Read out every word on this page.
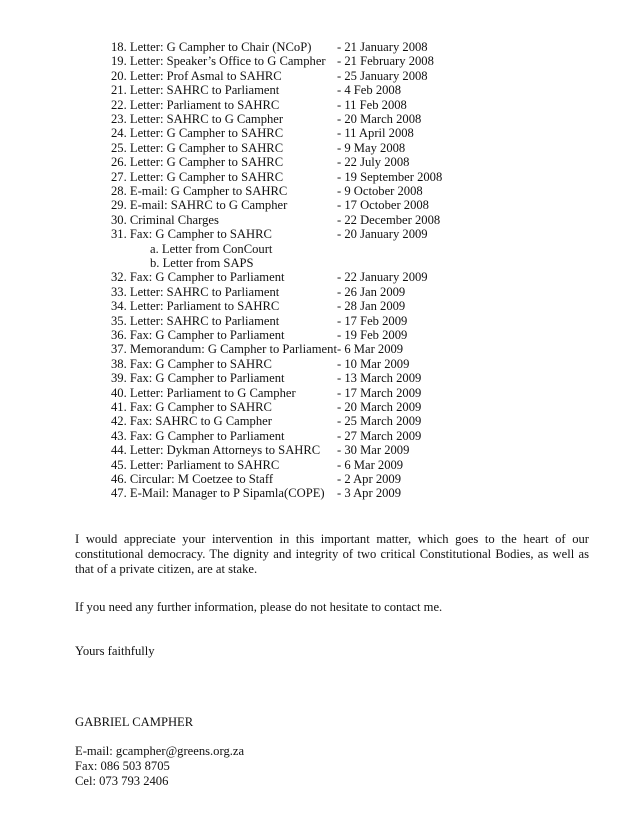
18. Letter: G Campher to Chair (NCoP) - 21 January 2008
19. Letter: Speaker’s Office to G Campher - 21 February 2008
20. Letter: Prof Asmal to SAHRC	- 25 January 2008
21. Letter: SAHRC to Parliament	- 4 Feb 2008
22. Letter: Parliament to SAHRC	- 11 Feb 2008
23. Letter: SAHRC to G Campher	- 20 March 2008
24. Letter: G Campher to SAHRC	- 11 April 2008
25. Letter: G Campher to SAHRC	- 9 May 2008
26. Letter: G Campher to SAHRC	- 22 July 2008
27. Letter: G Campher to SAHRC	- 19 September 2008
28. E-mail: G Campher to SAHRC	- 9 October 2008
29. E-mail: SAHRC to G Campher	- 17 October 2008
30. Criminal Charges	- 22 December 2008
31. Fax: G Campher to SAHRC	- 20 January 2009
a. Letter from ConCourt
b. Letter from SAPS
32. Fax: G Campher to Parliament	- 22 January 2009
33. Letter: SAHRC to Parliament	- 26 Jan 2009
34. Letter: Parliament to SAHRC	- 28 Jan 2009
35. Letter: SAHRC to Parliament	- 17 Feb 2009
36. Fax: G Campher to Parliament	- 19 Feb 2009
37. Memorandum: G Campher to Parliament - 6 Mar 2009
38. Fax: G Campher to SAHRC	- 10 Mar 2009
39. Fax: G Campher to Parliament	- 13 March 2009
40. Letter: Parliament to G Campher	- 17 March 2009
41. Fax: G Campher to SAHRC	- 20 March 2009
42. Fax: SAHRC to G Campher	- 25 March 2009
43. Fax: G Campher to Parliament	- 27 March 2009
44. Letter: Dykman Attorneys to SAHRC - 30 Mar 2009
45. Letter: Parliament to SAHRC	- 6 Mar 2009
46. Circular: M Coetzee to Staff	- 2 Apr 2009
47. E-Mail: Manager to P Sipamla(COPE) - 3 Apr 2009

I would appreciate your intervention in this important matter, which goes to the heart of our constitutional democracy. The dignity and integrity of two critical Constitutional Bodies, as well as that of a private citizen, are at stake.

If you need any further information, please do not hesitate to contact me.
Yours faithfully
GABRIEL CAMPHER
E-mail: gcampher@greens.org.za
Fax: 086 503 8705
Cel: 073 793 2406
